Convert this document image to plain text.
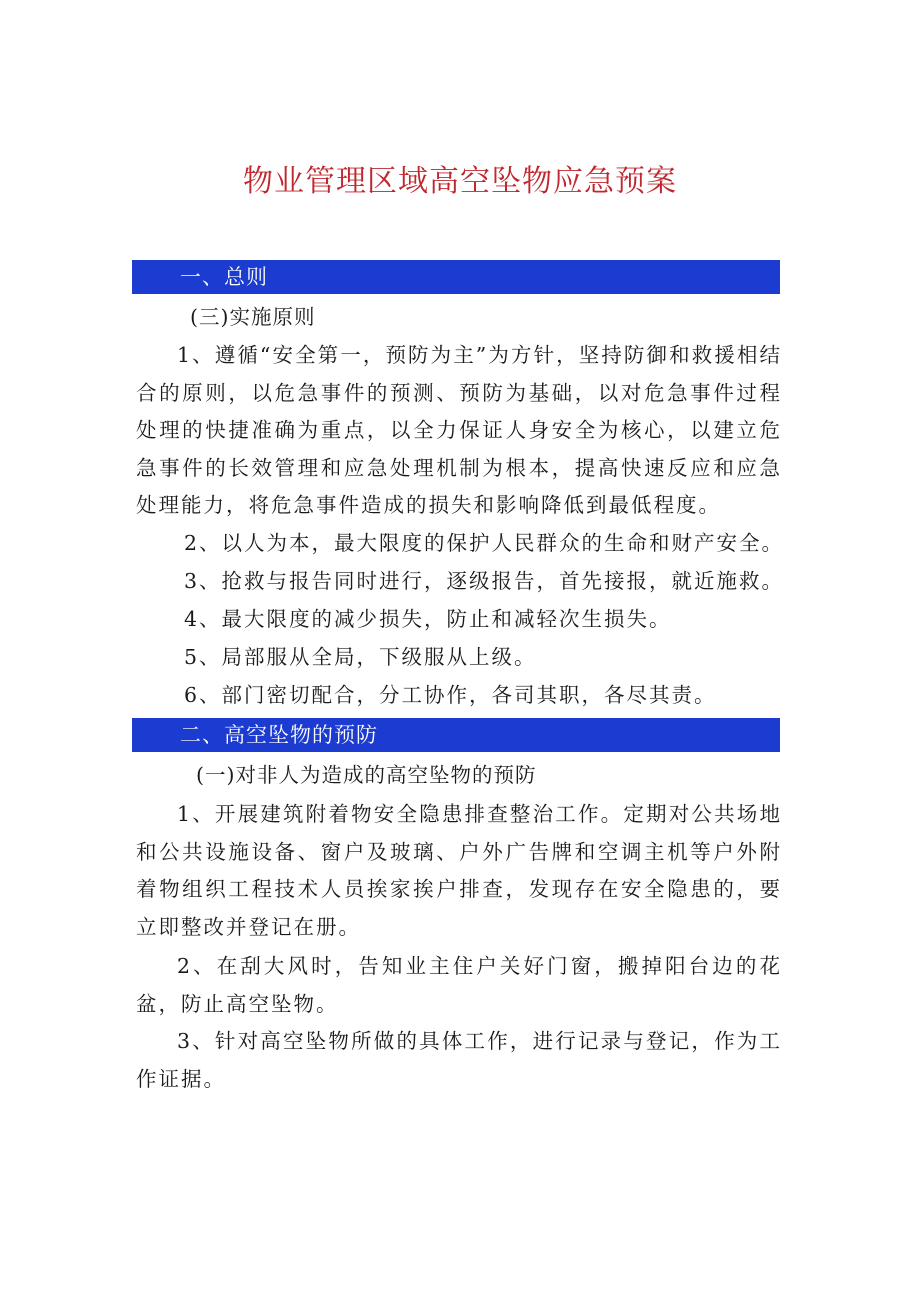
物业管理区域高空坠物应急预案
一、总则
(三)实施原则

1、遵循“安全第一，预防为主”为方针，坚持防御和救援相结合的原则，以危急事件的预测、预防为基础，以对危急事件过程处理的快捷准确为重点，以全力保证人身安全为核心，以建立危急事件的长效管理和应急处理机制为根本，提高快速反应和应急处理能力，将危急事件造成的损失和影响降低到最低程度。

2、以人为本，最大限度的保护人民群众的生命和财产安全。
3、抢救与报告同时进行，逐级报告，首先接报，就近施救。
4、最大限度的减少损失，防止和减轻次生损失。
5、局部服从全局，下级服从上级。
6、部门密切配合，分工协作，各司其职，各尽其责。
二、高空坠物的预防
(一)对非人为造成的高空坠物的预防

1、开展建筑附着物安全隐患排查整治工作。定期对公共场地和公共设施设备、窗户及玻璃、户外广告牌和空调主机等户外附着物组织工程技术人员挨家挨户排查，发现存在安全隐患的，要立即整改并登记在册。

2、在刮大风时，告知业主住户关好门窗，搬掉阳台边的花盆，防止高空坠物。

3、针对高空坠物所做的具体工作，进行记录与登记，作为工作证据。
